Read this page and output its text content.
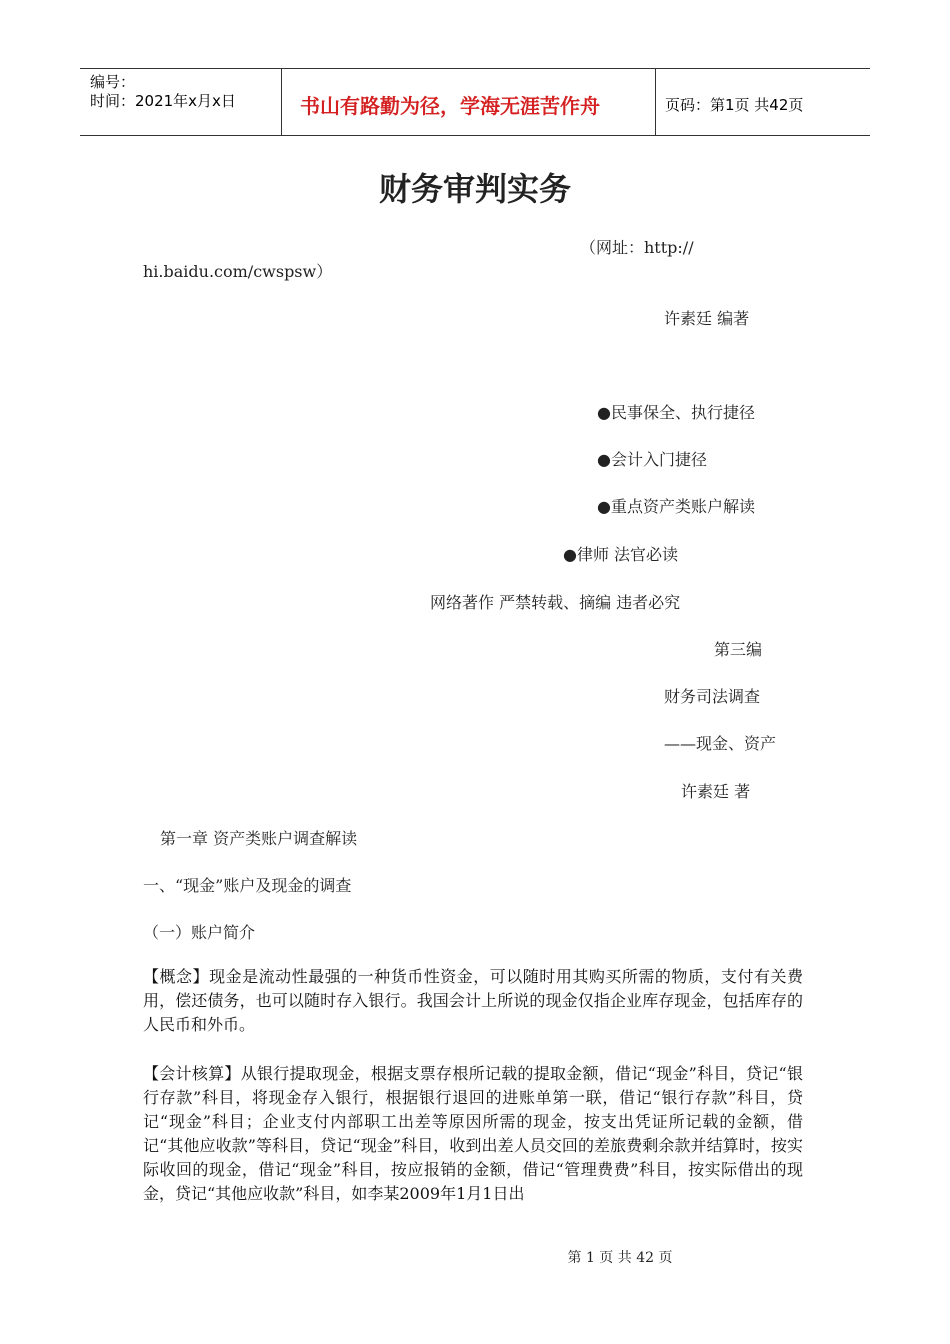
编号：
时间：2021年x月x日	书山有路勤为径，学海无涯苦作舟	页码：第1页 共42页
财务审判实务
（网址：http://
hi.baidu.com/cwspsw）
许素廷 编著
●民事保全、执行捷径
●会计入门捷径
●重点资产类账户解读
●律师 法官必读
网络著作 严禁转载、摘编 违者必究
第三编
财务司法调查
——现金、资产
许素廷 著
第一章 资产类账户调查解读
一、“现金”账户及现金的调查
（一）账户简介
【概念】现金是流动性最强的一种货币性资金，可以随时用其购买所需的物质，支付有关费用，偿还债务，也可以随时存入银行。我国会计上所说的现金仅指企业库存现金，包括库存的人民币和外币。
【会计核算】从银行提取现金，根据支票存根所记载的提取金额，借记“现金”科目，贷记“银行存款”科目，将现金存入银行，根据银行退回的进账单第一联，借记“银行存款”科目，贷记“现金”科目；企业支付内部职工出差等原因所需的现金，按支出凭证所记载的金额，借记“其他应收款”等科目，贷记“现金”科目，收到出差人员交回的差旅费剩余款并结算时，按实际收回的现金，借记“现金”科目，按应报销的金额，借记“管理费费”科目，按实际借出的现金，贷记“其他应收款”科目，如李某2009年1月1日出
第 1 页 共 42 页
